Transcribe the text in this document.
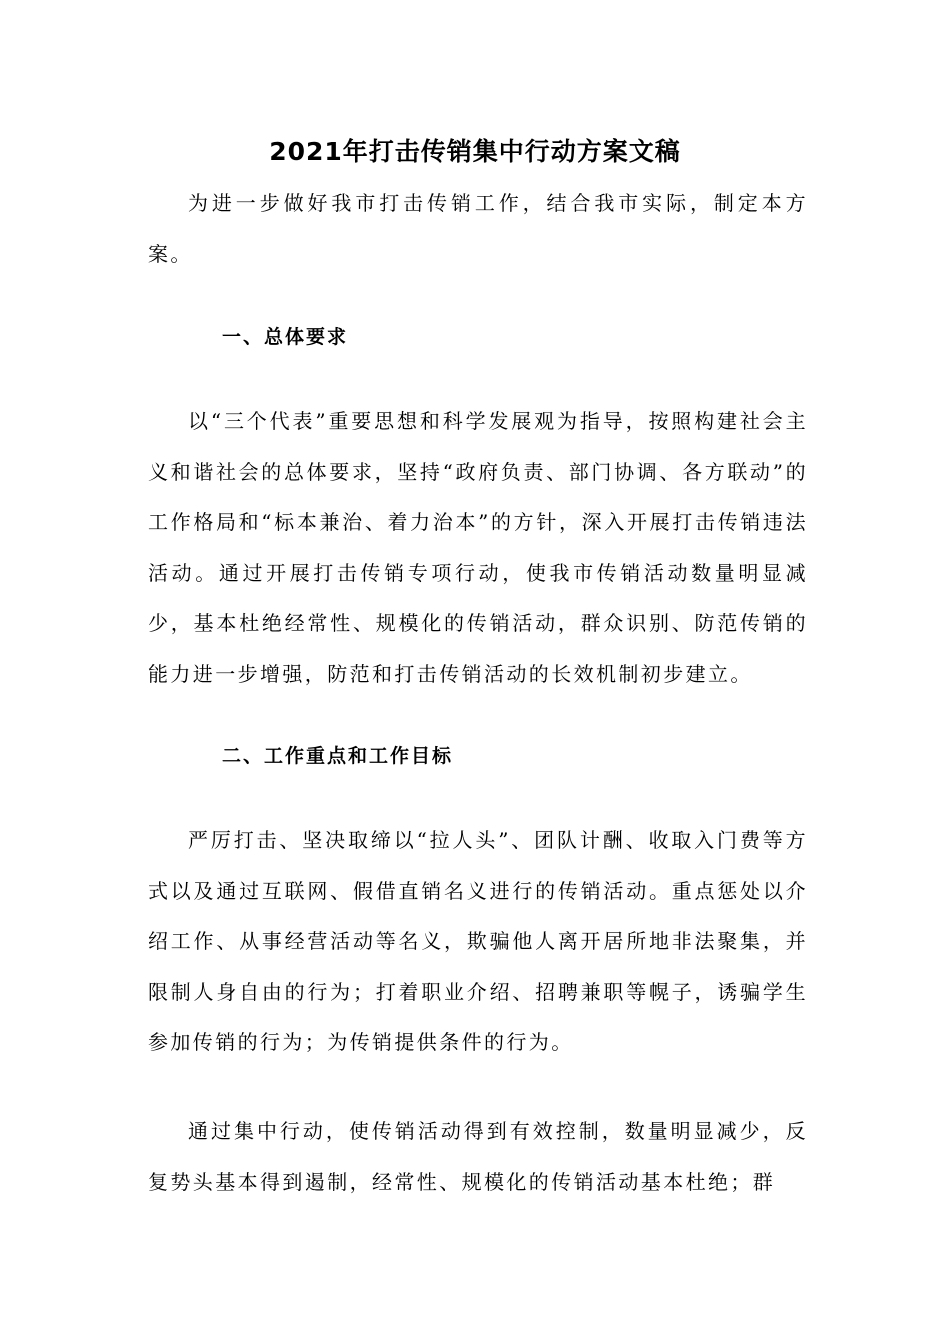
2021年打击传销集中行动方案文稿

为进一步做好我市打击传销工作，结合我市实际，制定本方案。

一、总体要求

以“三个代表”重要思想和科学发展观为指导，按照构建社会主义和谐社会的总体要求，坚持“政府负责、部门协调、各方联动”的工作格局和“标本兼治、着力治本”的方针，深入开展打击传销违法活动。通过开展打击传销专项行动，使我市传销活动数量明显减少，基本杜绝经常性、规模化的传销活动，群众识别、防范传销的能力进一步增强，防范和打击传销活动的长效机制初步建立。

二、工作重点和工作目标

严厉打击、坚决取缔以“拉人头”、团队计酬、收取入门费等方式以及通过互联网、假借直销名义进行的传销活动。重点惩处以介绍工作、从事经营活动等名义，欺骗他人离开居所地非法聚集，并限制人身自由的行为；打着职业介绍、招聘兼职等幌子，诱骗学生参加传销的行为；为传销提供条件的行为。

通过集中行动，使传销活动得到有效控制，数量明显减少，反复势头基本得到遏制，经常性、规模化的传销活动基本杜绝；群
